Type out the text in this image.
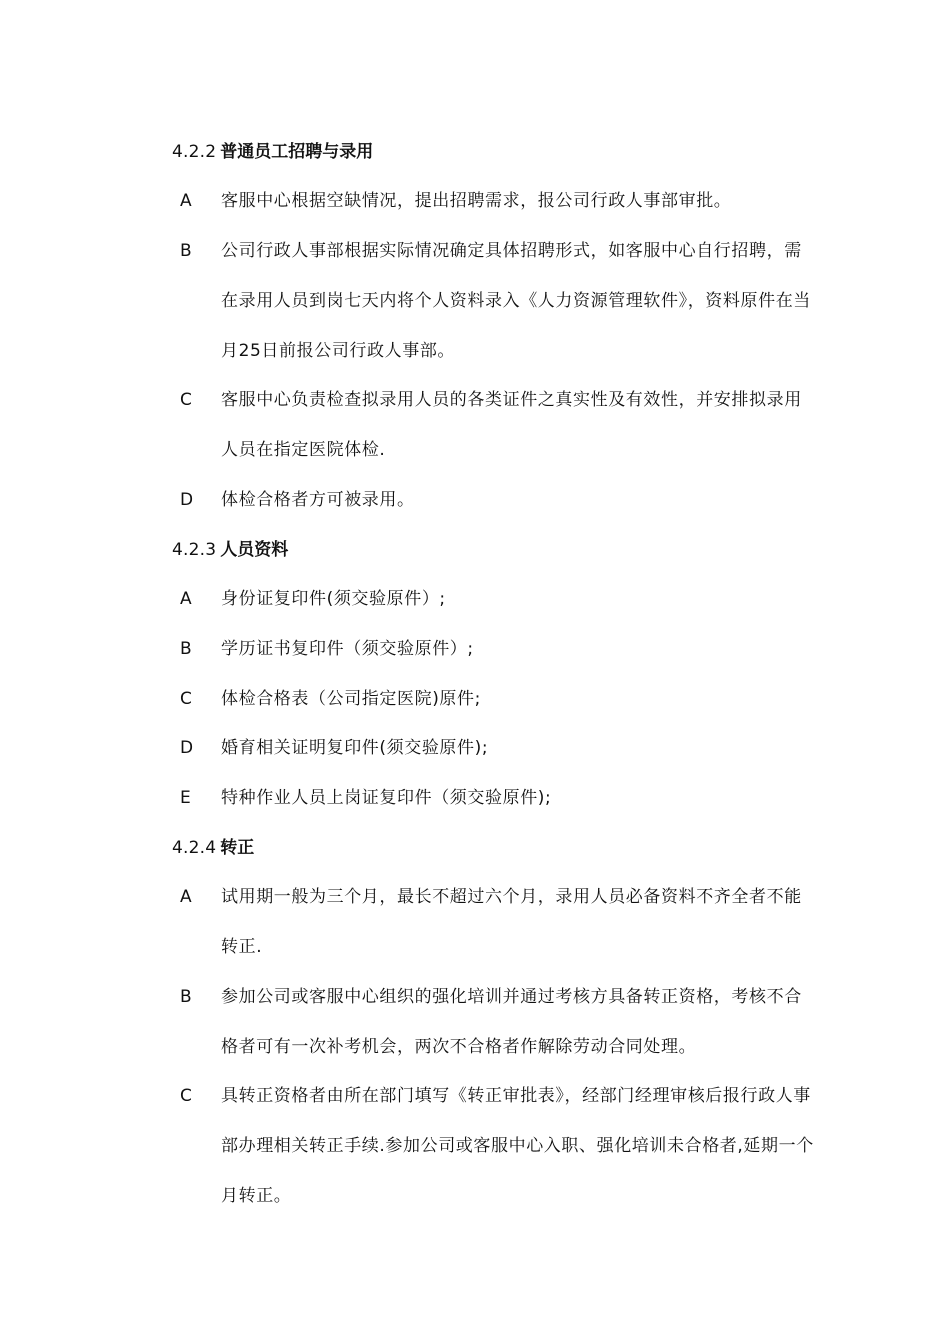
4.2.2 普通员工招聘与录用
A	客服中心根据空缺情况，提出招聘需求，报公司行政人事部审批。
B	公司行政人事部根据实际情况确定具体招聘形式，如客服中心自行招聘，需在录用人员到岗七天内将个人资料录入《人力资源管理软件》，资料原件在当月25日前报公司行政人事部。
C	客服中心负责检查拟录用人员的各类证件之真实性及有效性，并安排拟录用人员在指定医院体检.
D	体检合格者方可被录用。
4.2.3 人员资料
A	身份证复印件(须交验原件）;
B	学历证书复印件（须交验原件）;
C	体检合格表（公司指定医院)原件;
D	婚育相关证明复印件(须交验原件);
E	特种作业人员上岗证复印件（须交验原件);
4.2.4 转正
A	试用期一般为三个月，最长不超过六个月，录用人员必备资料不齐全者不能转正.
B	参加公司或客服中心组织的强化培训并通过考核方具备转正资格，考核不合格者可有一次补考机会，两次不合格者作解除劳动合同处理。
C	具转正资格者由所在部门填写《转正审批表》，经部门经理审核后报行政人事部办理相关转正手续.参加公司或客服中心入职、强化培训未合格者,延期一个月转正。
